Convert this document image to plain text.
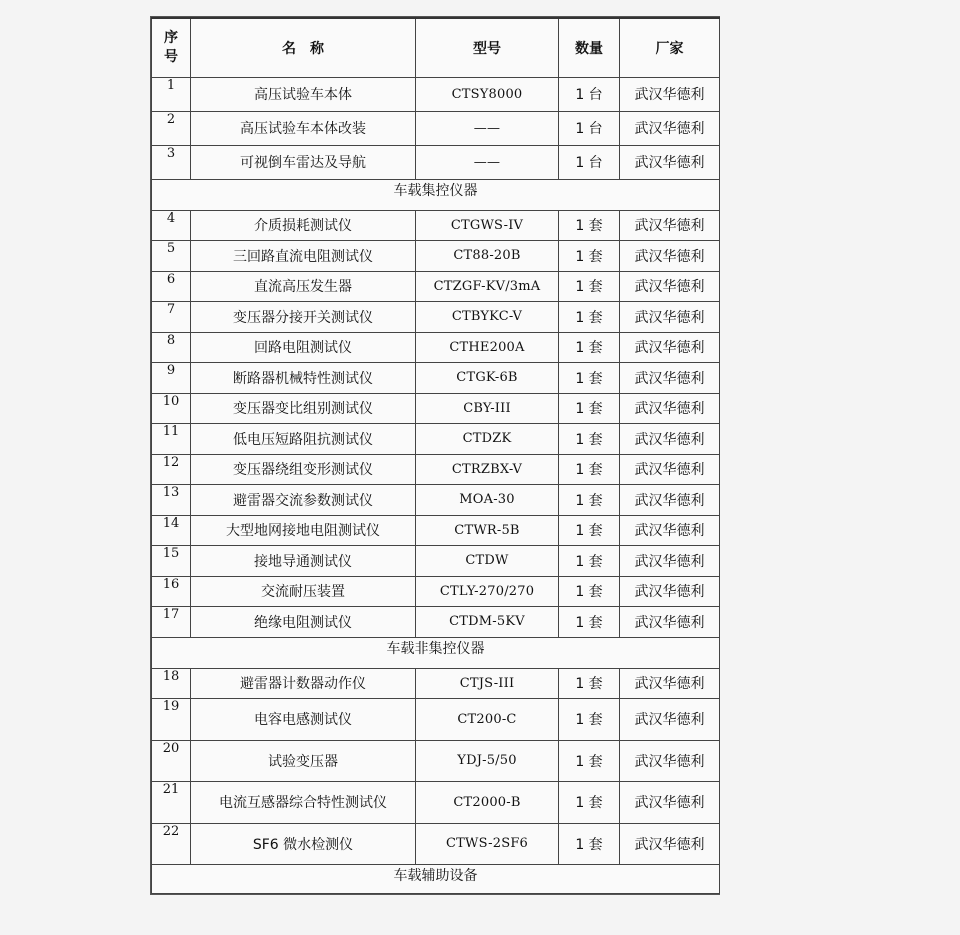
序
号	名　称	型号	数量	厂家
1	高压试验车本体	CTSY8000	1 台	武汉华德利
2	高压试验车本体改装	——	1 台	武汉华德利
3	可视倒车雷达及导航	——	1 台	武汉华德利
车载集控仪器				
4	介质损耗测试仪	CTGWS-IV	1 套	武汉华德利
5	三回路直流电阻测试仪	CT88-20B	1 套	武汉华德利
6	直流高压发生器	CTZGF-KV/3mA	1 套	武汉华德利
7	变压器分接开关测试仪	CTBYKC-V	1 套	武汉华德利
8	回路电阻测试仪	CTHE200A	1 套	武汉华德利
9	断路器机械特性测试仪	CTGK-6B	1 套	武汉华德利
10	变压器变比组别测试仪	CBY-III	1 套	武汉华德利
11	低电压短路阻抗测试仪	CTDZK	1 套	武汉华德利
12	变压器绕组变形测试仪	CTRZBX-V	1 套	武汉华德利
13	避雷器交流参数测试仪	MOA-30	1 套	武汉华德利
14	大型地网接地电阻测试仪	CTWR-5B	1 套	武汉华德利
15	接地导通测试仪	CTDW	1 套	武汉华德利
16	交流耐压装置	CTLY-270/270	1 套	武汉华德利
17	绝缘电阻测试仪	CTDM-5KV	1 套	武汉华德利
车载非集控仪器				
18	避雷器计数器动作仪	CTJS-III	1 套	武汉华德利
19	电容电感测试仪	CT200-C	1 套	武汉华德利
20	试验变压器	YDJ-5/50	1 套	武汉华德利
21	电流互感器综合特性测试仪	CT2000-B	1 套	武汉华德利
22	SF6 微水检测仪	CTWS-2SF6	1 套	武汉华德利
车载辅助设备				
